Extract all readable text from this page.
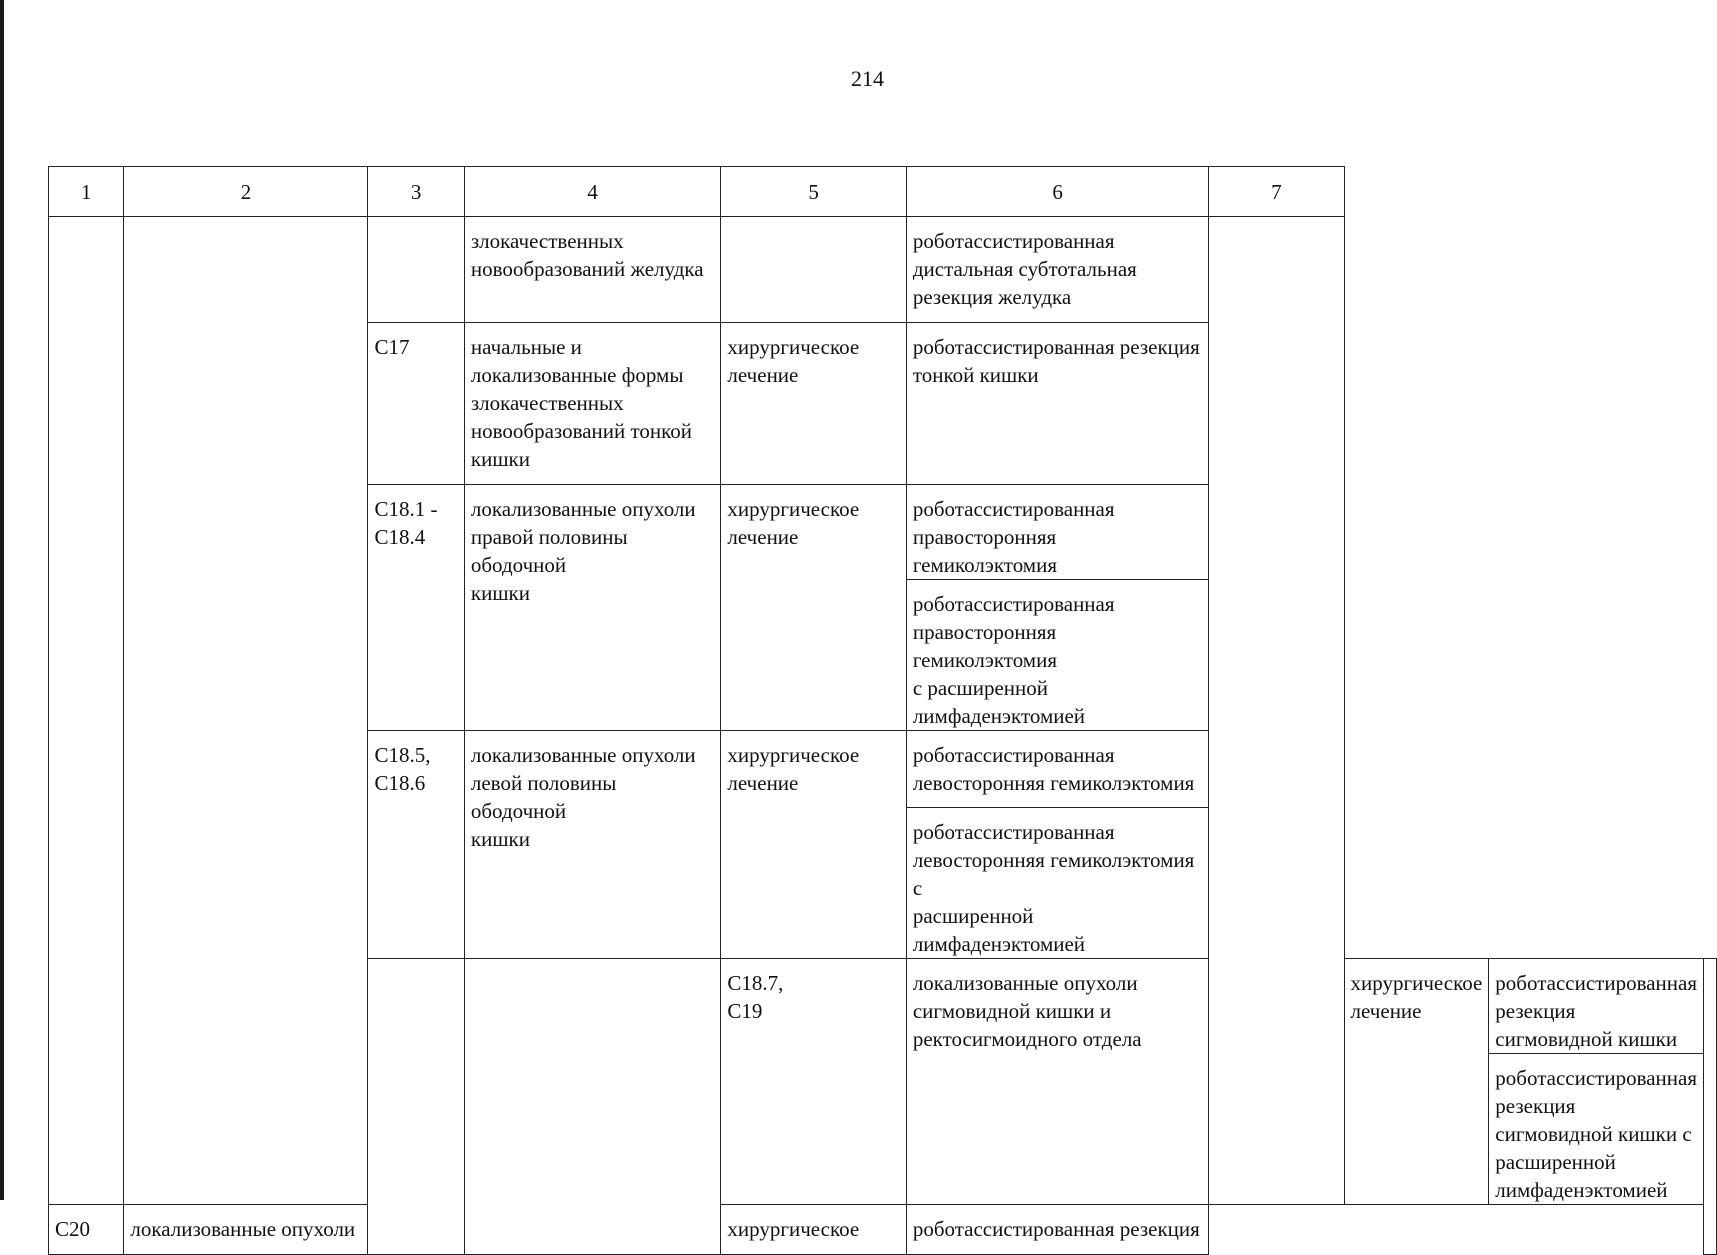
214
1	2	3	4	5	6	7			
			злокачественных
новообразований желудка		роботассистированная
дистальная субтотальная
резекция желудка				
		C17	начальные и
локализованные формы
злокачественных
новообразований тонкой
кишки	хирургическое
лечение	роботассистированная резекция
тонкой кишки				
		C18.1 -
C18.4	локализованные опухоли
правой половины ободочной
кишки	хирургическое
лечение	роботассистированная
правосторонняя гемиколэктомия				
					роботассистированная
правосторонняя гемиколэктомия
с расширенной
лимфаденэктомией				
		C18.5,
C18.6	локализованные опухоли
левой половины ободочной
кишки	хирургическое
лечение	роботассистированная
левосторонняя гемиколэктомия				
					роботассистированная
левосторонняя гемиколэктомия с
расширенной лимфаденэктомией				
				C18.7,
C19	локализованные опухоли
сигмовидной кишки и
ректосигмоидного отдела		хирургическое
лечение	роботассистированная резекция
сигмовидной кишки	
								роботассистированная резекция
сигмовидной кишки с
расширенной лимфаденэктомией	
C20	локализованные опухоли			хирургическое	роботассистированная резекция				
